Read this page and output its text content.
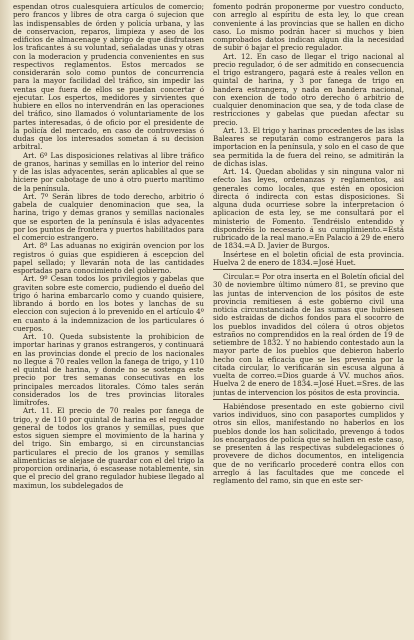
espendan otros cualesquiera artículos de comercio; pero francos y libres de otra carga ó sujecion que las indispensables de órden y policía urbana, y las de conservacion, reparos, limpieza y aseo de los edificios de almacenage y abrigo de que disfrutasen los traficantes á su voluntad, señaladas unas y otras con la moderacion y prudencia convenientes en sus respectivos reglamentos. Estos mercados se considerarán solo como puntos de concurrencia para la mayor facilidad del tráfico, sin impedir las ventas que fuera de ellos se puedan concertar ó ejecutar. Los espertos, medidores y sirvientes que hubiere en ellos no intervendrán en las operaciones del tráfico, sino llamados ó voluntariamente de los partes interesadas, ó de oficio por el presidente de la policía del mercado, en caso de controversias ó dudas que los interesados sometan á su decision arbitral.

Art. 6º Las disposiciones relativas al libre tráfico de granos, harinas y semillas en lo interior del reino y de las islas adyacentes, serán aplicables al que se hiciere por cabotage de uno á otro puerto marítimo de la península.

Art. 7º Serán libres de todo derecho, arbitrio ó gabela de cualquier denominacion que sea, la harina, trigo y demas granos y semillas nacionales que se esporten de la península é islas adyacentes por los puntos de frontera y puertos habilitados para el comercio estrangero.

Art. 8º Las aduanas no exigirán ovencion por los registros ó guias que espidieren á escepcion del papel sellado; y llevarán nota de las cantidades esportadas para conocimiento del gobierno.

Art. 9º Cesan todos los privilegios y gabelas que graviten sobre este comercio, pudiendo el dueño del trigo ó harina embarcarlo como y cuando quisiere, librando á bordo en los botes y lanchas de su eleccion con sujecion á lo prevenido en el artículo 4º en cuanto á la indemnizacion de los particulares ó cuerpos.

Art. 10. Queda subsistente la prohibicion de importar harinas y granos estrangeros, y continuará en las provincias donde el precio de los nacionales no llegue á 70 reales vellon la fanega de trigo, y 110 el quintal de harina, y donde no se sostenga este precio por tres semanas consecutivas en los principales mercados litorales. Cómo tales serán considerados los de tres provincias litorales limítrofes.

Art. 11. El precio de 70 reales por fanega de trigo, y de 110 por quintal de harina es el regulador general de todos los granos y semillas, pues que estos siguen siempre el movimiento de la harina y del trigo. Sin embargo, si en circunstancias particulares el precio de los granos y semillas alimenticias se alejase de guardar con el del trigo la proporcion ordinaria, ó escasease notablemente, sin que el precio del grano regulador hubiese llegado al maximun, los subdelegados de

fomento podrán proponerme por vuestro conducto, con arreglo al espíritu de esta ley, lo que crean conveniente á las provincias que se hallen en dicho caso. Lo mismo podrán hacer si muchos y bien comprobados datos indican algun dia la necesidad de subir ó bajar el precio regulador.

Art. 12. En caso de llegar el trigo nacional al precio regulador, ó de ser admitido en consecuencia el trigo estrangero, pagará este á reales vellon en quintal de harina, y 3 por fanega de trigo en bandera estrangera, y nada en bandera nacional, con exencion de todo otro derecho ó arbitrio de cualquier denominacion que sea, y de toda clase de restricciones y gabelas que puedan afectar su precio.

Art. 13. El trigo y harinas procedentes de las islas Baleares se reputarán como estrangeros para la importacion en la península, y solo en el caso de que sea permitida la de fuera del reino, se admitirán la de dichas islas.

Art. 14. Quedan abolidas y sin ninguna valor ni efecto las leyes, ordenanzas y reglamentos, asi generales como locales, que estén en oposicion directa ó indirecta con estas disposiciones. Si alguna duda ocurriese sobre la interpretacion ó aplicacion de esta ley, se me consultará por el ministerio de Fomento. Tendréislo entendido y dispondréis lo necesario á su cumplimiento.=Está rubricado de la real mano.=En Palacio á 29 de enero de 1834.=A D. Javier de Burgos.

Insértese en el boletin oficial de esta provincia. Huelva 2 de enero de 1834.=José Huet.

Circular.= Por otra inserta en el Boletín oficial del 30 de noviembre último número 81, se previno que las juntas de intervencion de los pósitos de este provincia remitiesen á este gobierno civil una noticia circunstanciada de las sumas que hubiesen sido estraidas de dichos fondos para el socorro de los pueblos invadidos del cólera ú otros objetos estraños no comprendidos en la real órden de 19 de setiembre de 1832. Y no habiendo contestado aun la mayor parte de los pueblos que debieron haberlo hecho con la eficacia que se les prevenia por la citada circular, lo verificarán sin escusa alguna á vuelta de correo.=Dios guarde á VV. muchos años. Huelva 2 de enero de 1834.=José Huet.=Sres. de las juntas de intervencion los pósitos de esta provincia.

Habiéndose presentado en este gobierno civil varios individuos, sino con pasaportes cumplidos y otros sin ellos, manifestando no haberlos en los pueblos donde los han solicitado, prevengo á todos los encargados de policía que se hallen en este caso, se presenten á las respectivas subdelegaciones ó provevere de dichos documentos, en inteligencia que de no verificarlo procederé contra ellos con arreglo á las facultades que me concede el reglamento del ramo, sin que en este ser-
